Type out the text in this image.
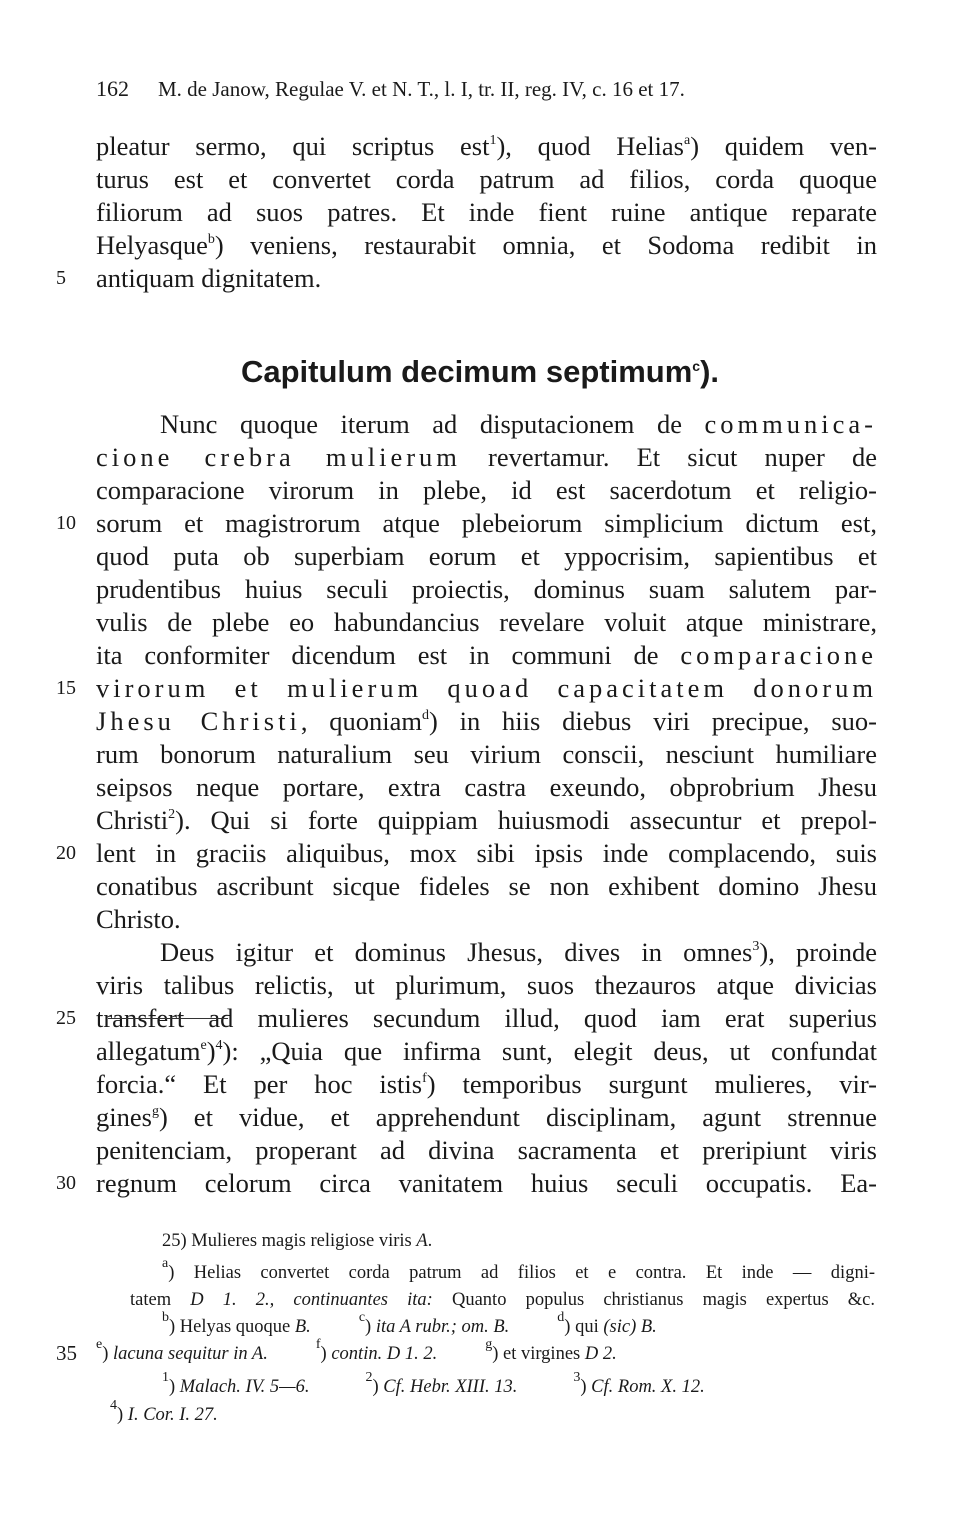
162 M. de Janow, Regulae V. et N. T., l. I, tr. II, reg. IV, c. 16 et 17.
pleatur sermo, qui scriptus est$^1$), quod Helias$^a$) quidem ven-
turus est et convertet corda patrum ad filios, corda quoque
filiorum ad suos patres. Et inde fient ruine antique reparate
Helyasque$^b$) veniens, restaurabit omnia, et Sodoma redibit in
5	antiquam dignitatem.
Capitulum decimum septimum$^c$).
Nunc quoque iterum ad disputacionem de communica-
cione crebra mulierum revertamur. Et sicut nuper de
comparacione virorum in plebe, id est sacerdotum et religio-
10 sorum et magistrorum atque plebeiorum simplicium dictum est,
quod puta ob superbiam eorum et yppocrisim, sapientibus et
prudentibus huius seculi proiectis, dominus suam salutem par-
vulis de plebe eo habundancius revelare voluit atque ministrare,
ita conformiter dicendum est in communi de comparacione
15 virorum et mulierum quoad capacitatem donorum
Jhesu Christi, quoniam$^d$) in hiis diebus viri precipue, suo-
rum bonorum naturalium seu virium conscii, nesciunt humiliare
seipsos neque portare, extra castra exeundo, obprobrium Jhesu
Christi$^2$). Qui si forte quippiam huiusmodi assecuntur et prepol-
20 lent in graciis aliquibus, mox sibi ipsis inde complacendo, suis
conatibus ascribunt sicque fideles se non exhibent domino Jhesu
Christo.
Deus igitur et dominus Jhesus, dives in omnes$^3$), proinde
viris talibus relictis, ut plurimum, suos thezauros atque divicias
25 transfert ad mulieres secundum illud, quod iam erat superius
allegatum$^e$)$^4$): „Quia que infirma sunt, elegit deus, ut confundat
forcia.“ Et per hoc istis$^f$) temporibus surgunt mulieres, vir-
gines$^g$) et vidue, et apprehendunt disciplinam, agunt strennue
penitenciam, properant ad divina sacramenta et preripiunt viris
30 regnum celorum circa vanitatem huius seculi occupatis. Ea-
25) Mulieres magis religiose viris A.
$^a$) Helias convertet corda patrum ad filios et e contra. Et inde — digni-
tatem D 1. 2., continuantes ita: Quanto populus christianus magis expertus &c.
$^b$) Helyas quoque B.	$^c$) ita A rubr.; om. B.	$^d$) qui (sic) B.
35	$^e$) lacuna sequitur in A.	$^f$) contin. D 1. 2.	$^g$) et virgines D 2.
$^1$) Malach. IV. 5—6.	$^2$) Cf. Hebr. XIII. 13.	$^3$) Cf. Rom. X. 12.
$^4$) I. Cor. I. 27.
